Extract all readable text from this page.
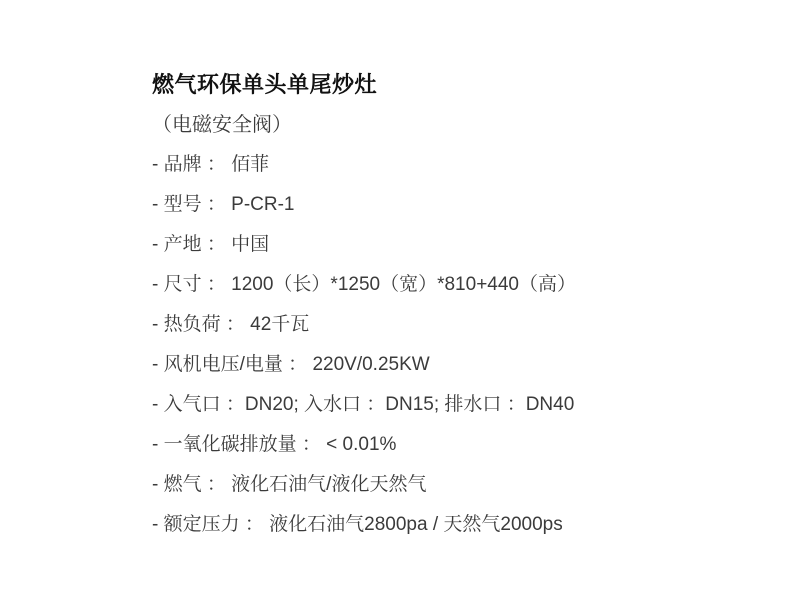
燃气环保单头单尾炒灶
（电磁安全阀）
- 品牌 ： 佰菲
- 型号 ： P-CR-1
- 产地 ： 中国
- 尺寸 ： 1200（长）*1250（宽）*810+440（高）
- 热负荷 ： 42千瓦
- 风机电压/电量 ： 220V/0.25KW
- 入气口 ：DN20; 入水口 ：DN15; 排水口 ：DN40
- 一氧化碳排放量 ： < 0.01%
- 燃气 ： 液化石油气/液化天然气
- 额定压力 ： 液化石油气2800pa / 天然气2000ps
